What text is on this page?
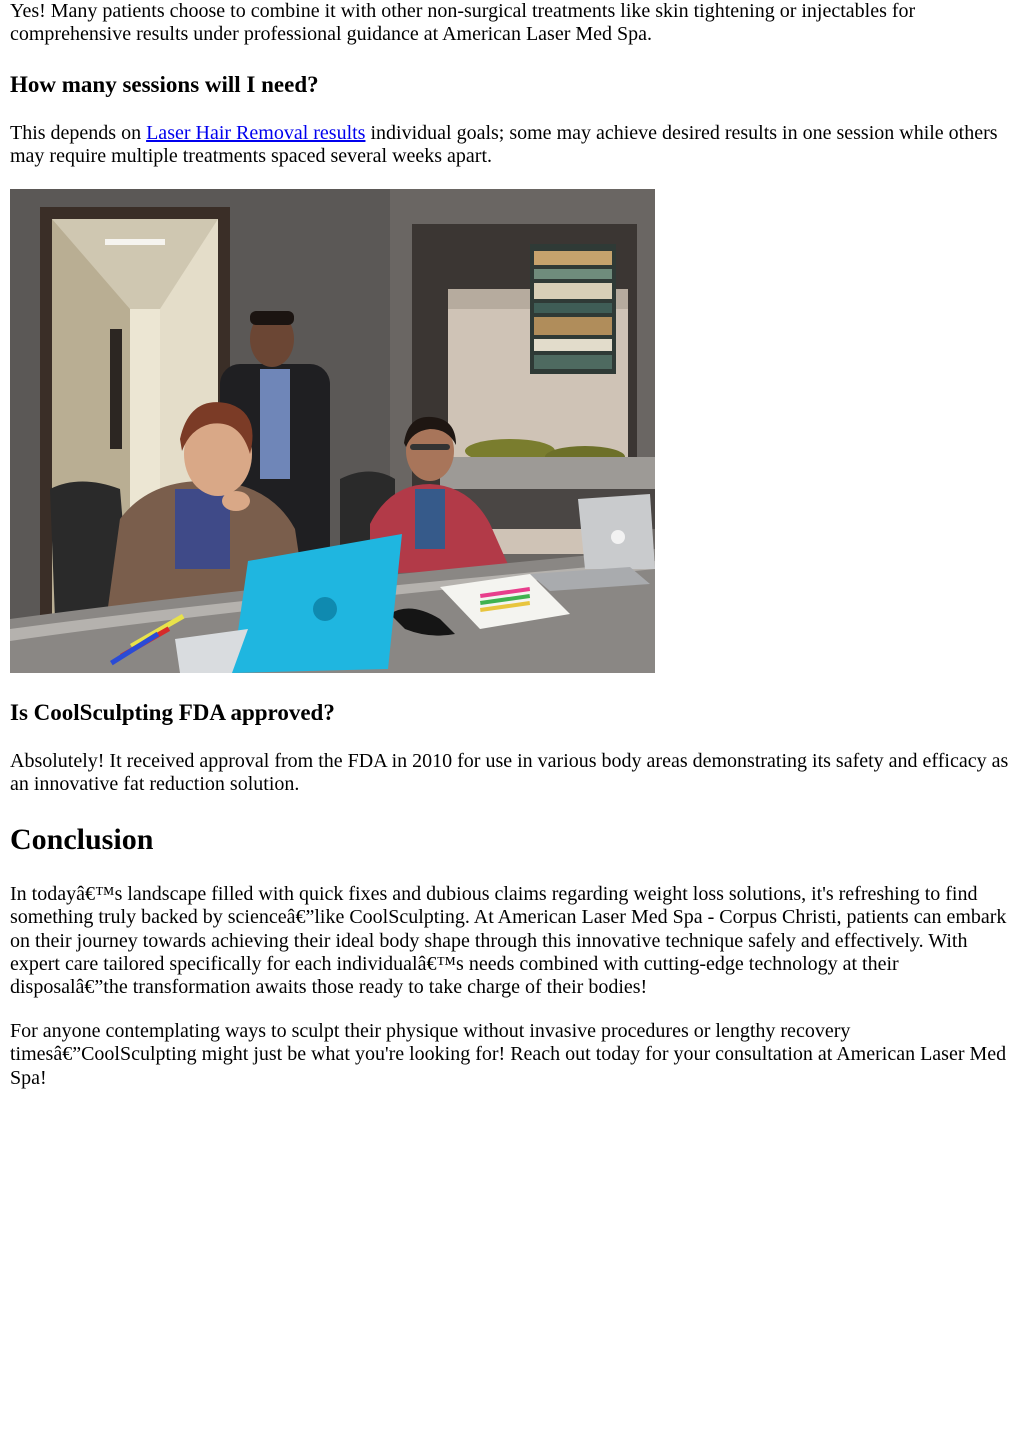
Yes! Many patients choose to combine it with other non-surgical treatments like skin tightening or injectables for comprehensive results under professional guidance at American Laser Med Spa.

How many sessions will I need?

This depends on Laser Hair Removal results individual goals; some may achieve desired results in one session while others may require multiple treatments spaced several weeks apart.

Is CoolSculpting FDA approved?

Absolutely! It received approval from the FDA in 2010 for use in various body areas demonstrating its safety and efficacy as an innovative fat reduction solution.

Conclusion

In todayâ€™s landscape filled with quick fixes and dubious claims regarding weight loss solutions, it's refreshing to find something truly backed by scienceâ€”like CoolSculpting. At American Laser Med Spa - Corpus Christi, patients can embark on their journey towards achieving their ideal body shape through this innovative technique safely and effectively. With expert care tailored specifically for each individualâ€™s needs combined with cutting-edge technology at their disposalâ€”the transformation awaits those ready to take charge of their bodies!

For anyone contemplating ways to sculpt their physique without invasive procedures or lengthy recovery timesâ€”CoolSculpting might just be what you're looking for! Reach out today for your consultation at American Laser Med Spa!
